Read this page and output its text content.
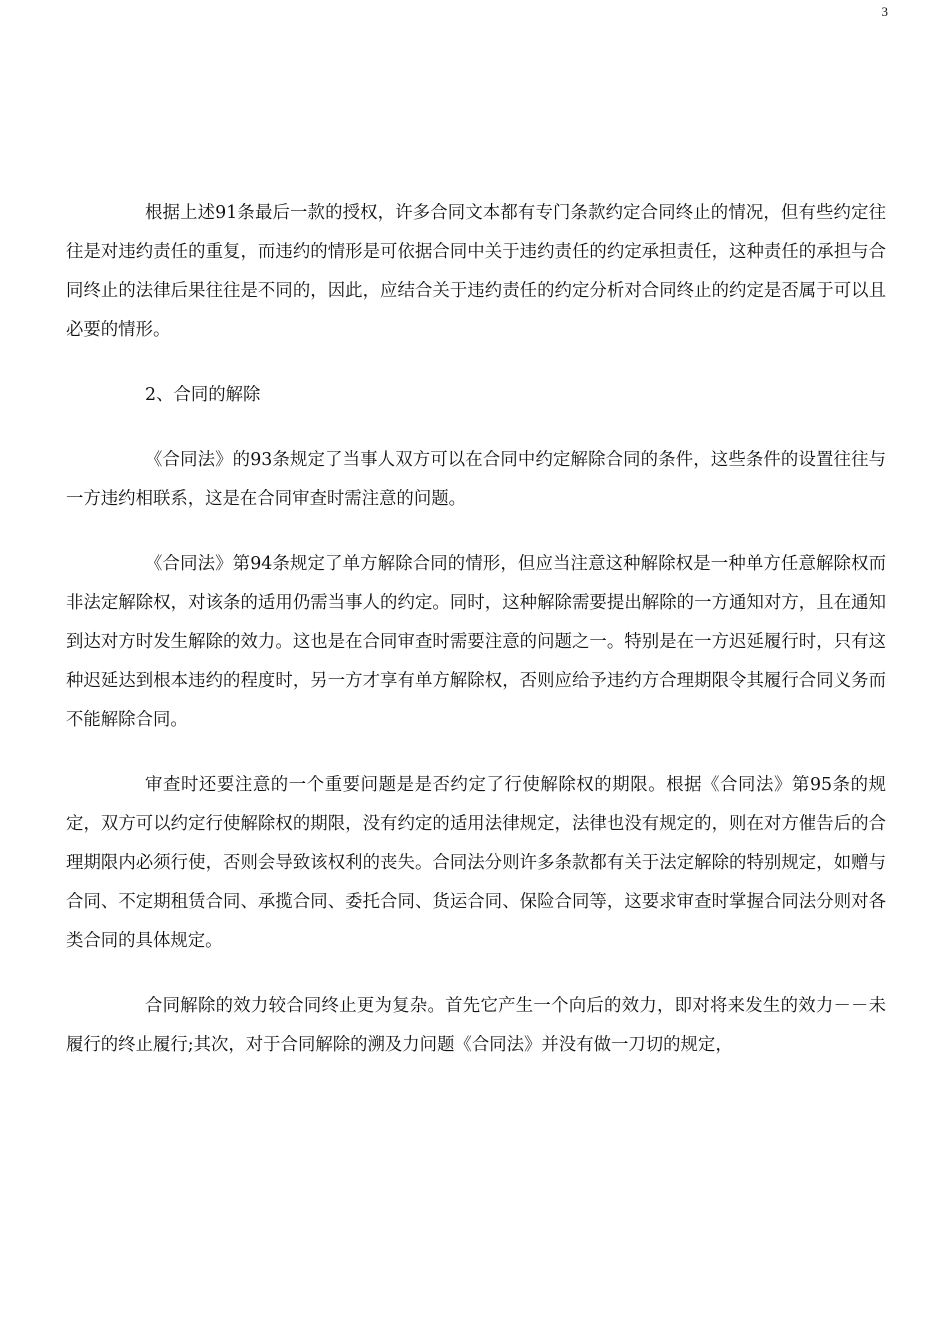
3

根据上述91条最后一款的授权，许多合同文本都有专门条款约定合同终止的情况，但有些约定往往是对违约责任的重复，而违约的情形是可依据合同中关于违约责任的约定承担责任，这种责任的承担与合同终止的法律后果往往是不同的，因此，应结合关于违约责任的约定分析对合同终止的约定是否属于可以且必要的情形。

2、合同的解除

《合同法》的93条规定了当事人双方可以在合同中约定解除合同的条件，这些条件的设置往往与一方违约相联系，这是在合同审查时需注意的问题。

《合同法》第94条规定了单方解除合同的情形，但应当注意这种解除权是一种单方任意解除权而非法定解除权，对该条的适用仍需当事人的约定。同时，这种解除需要提出解除的一方通知对方，且在通知到达对方时发生解除的效力。这也是在合同审查时需要注意的问题之一。特别是在一方迟延履行时，只有这种迟延达到根本违约的程度时，另一方才享有单方解除权，否则应给予违约方合理期限令其履行合同义务而不能解除合同。

审查时还要注意的一个重要问题是是否约定了行使解除权的期限。根据《合同法》第95条的规定，双方可以约定行使解除权的期限，没有约定的适用法律规定，法律也没有规定的，则在对方催告后的合理期限内必须行使，否则会导致该权利的丧失。合同法分则许多条款都有关于法定解除的特别规定，如赠与合同、不定期租赁合同、承揽合同、委托合同、货运合同、保险合同等，这要求审查时掌握合同法分则对各类合同的具体规定。

合同解除的效力较合同终止更为复杂。首先它产生一个向后的效力，即对将来发生的效力－－未履行的终止履行;其次，对于合同解除的溯及力问题《合同法》并没有做一刀切的规定，
